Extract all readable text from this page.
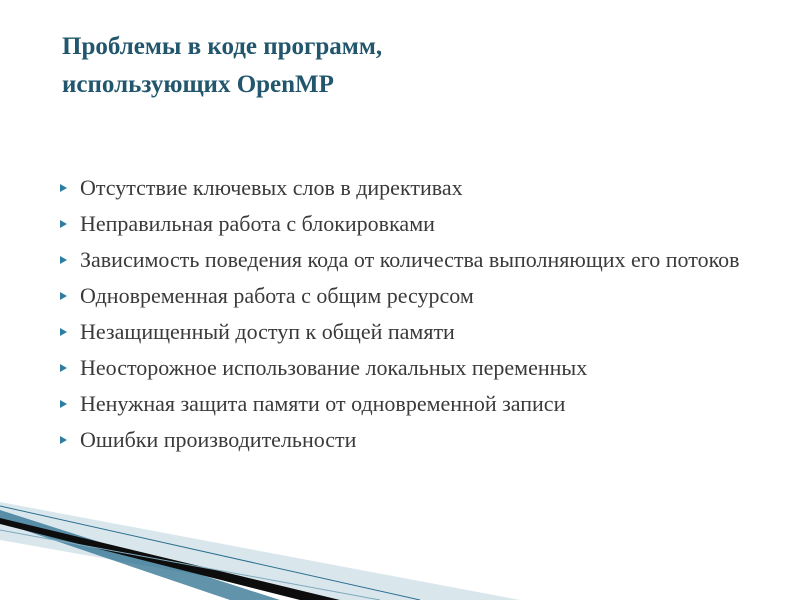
Проблемы в коде программ,
использующих OpenMP
Отсутствие ключевых слов в директивах
Неправильная работа с блокировками
Зависимость поведения кода от количества выполняющих его потоков
Одновременная работа с общим ресурсом
Незащищенный доступ к общей памяти
Неосторожное использование локальных переменных
Ненужная защита памяти от одновременной записи
Ошибки производительности
